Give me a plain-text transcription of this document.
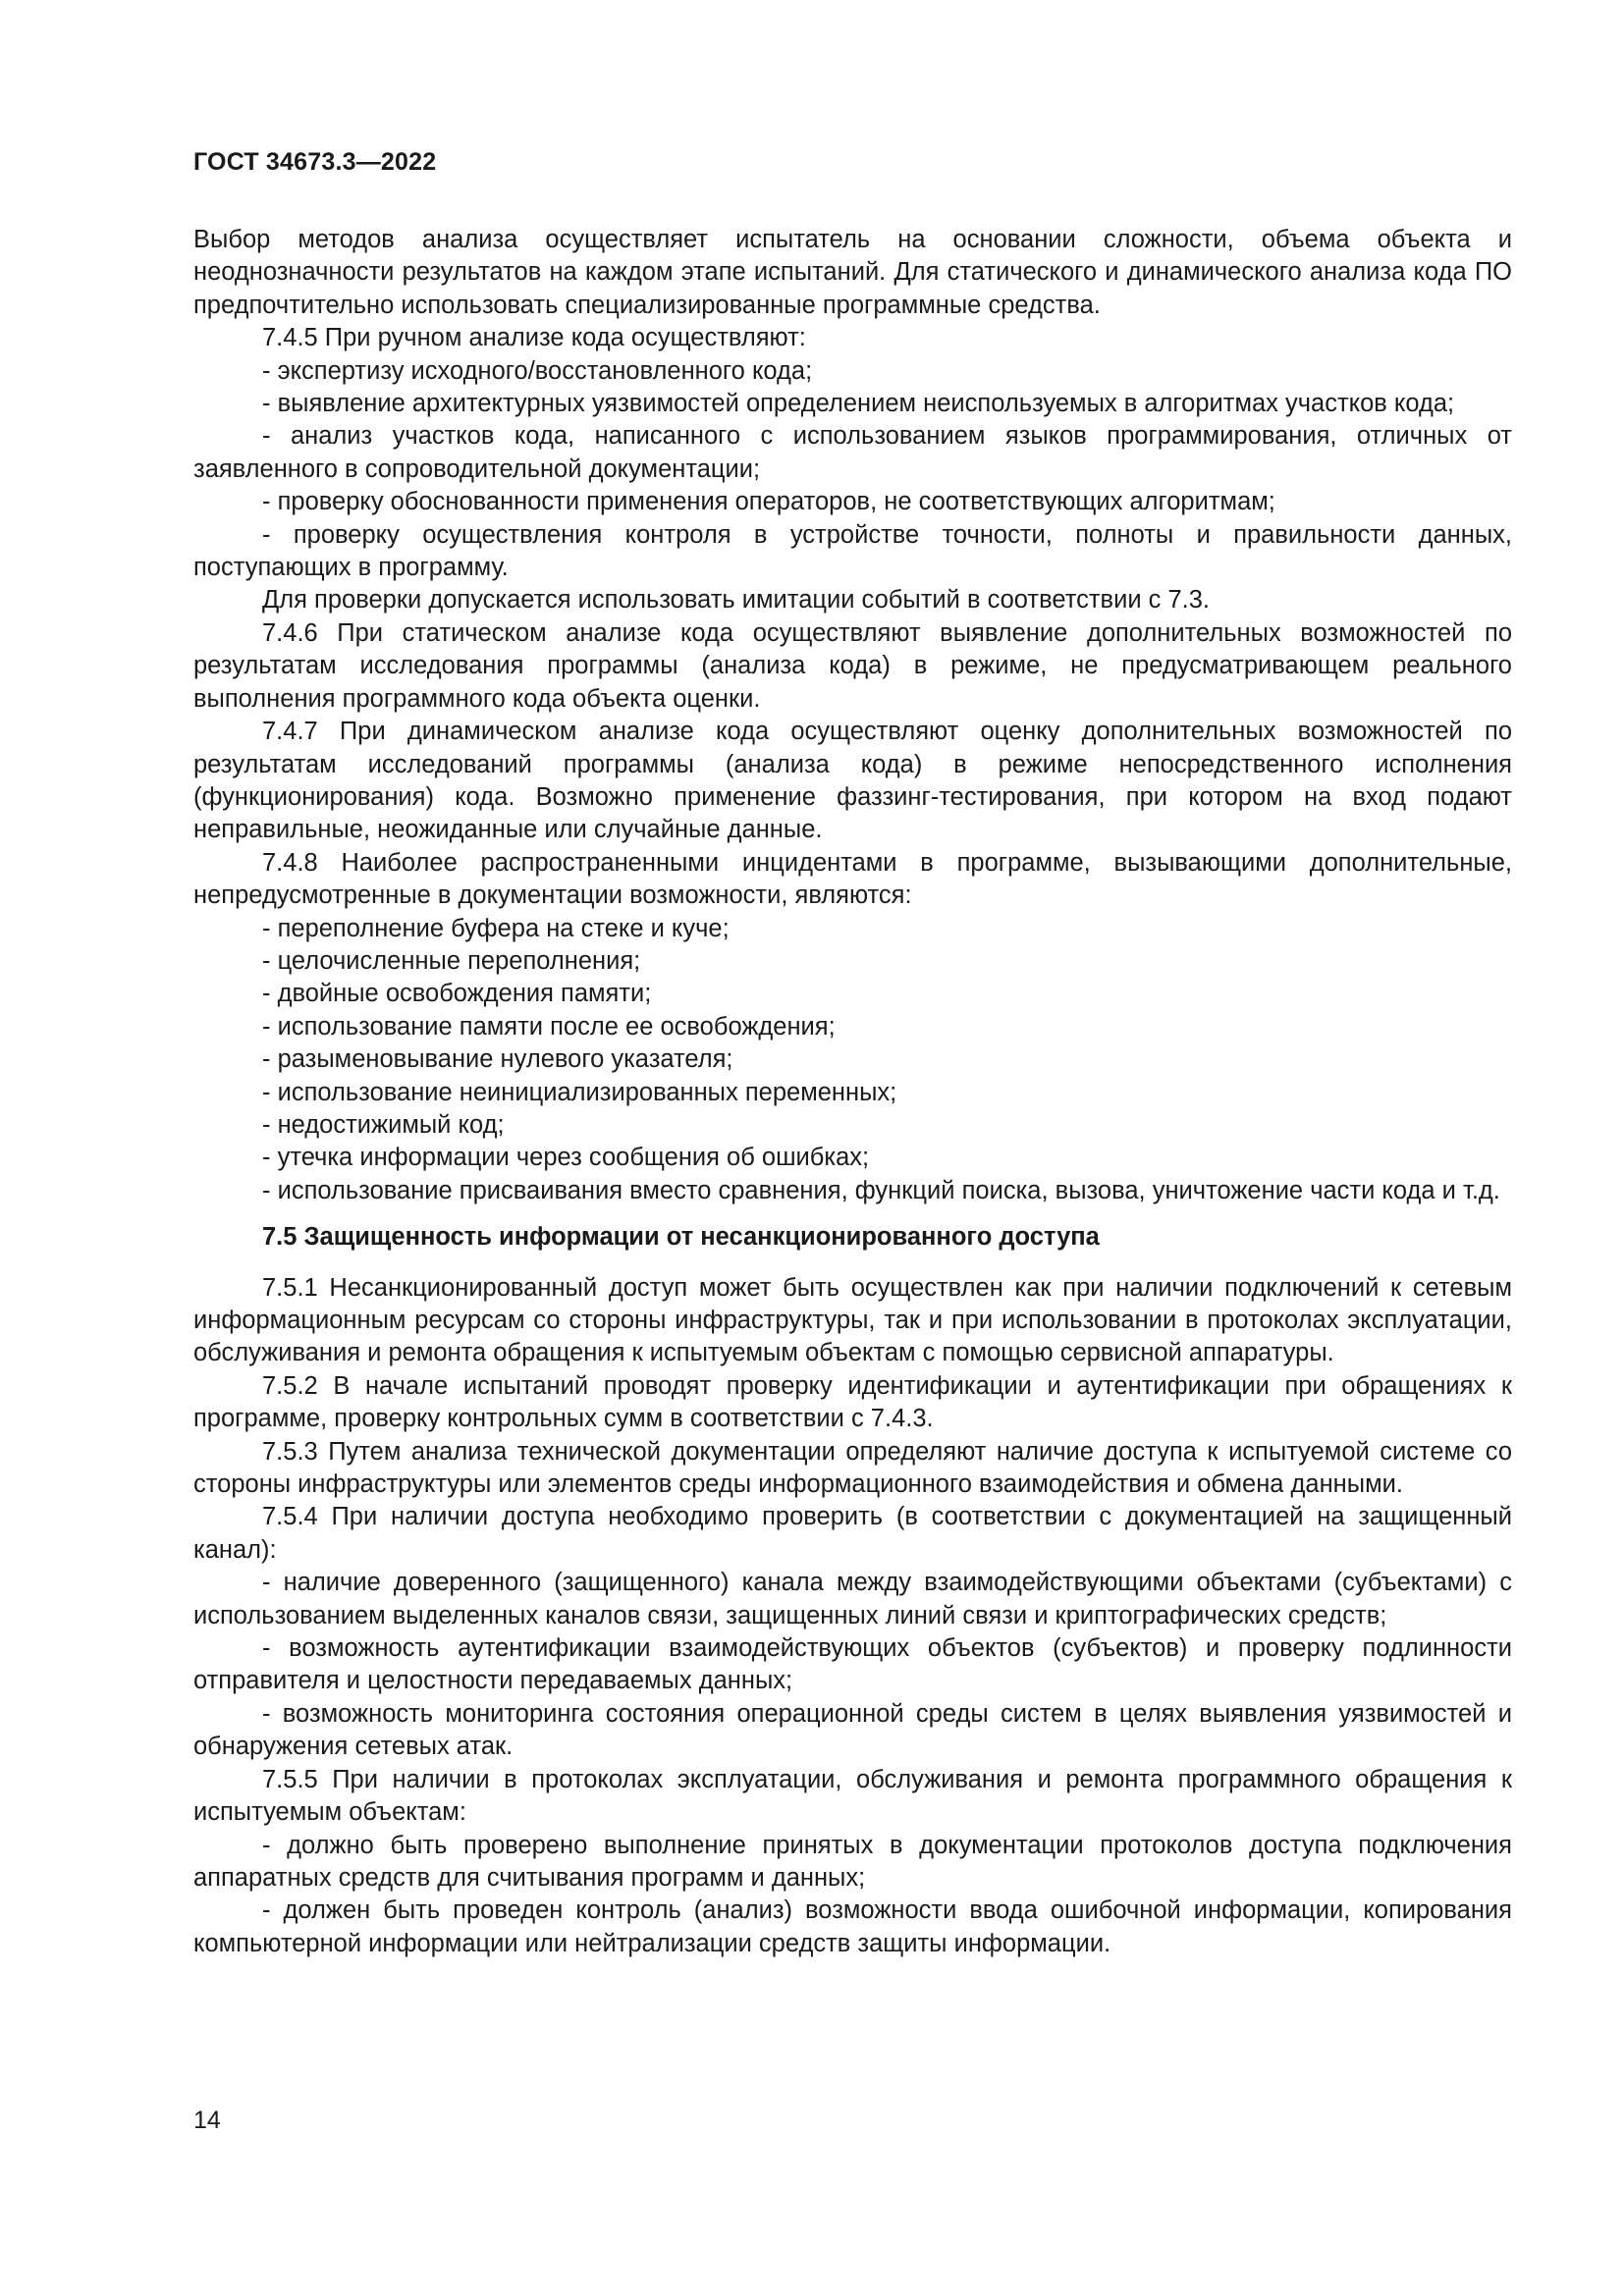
ГОСТ 34673.3—2022

Выбор методов анализа осуществляет испытатель на основании сложности, объема объекта и неоднозначности результатов на каждом этапе испытаний. Для статического и динамического анализа кода ПО предпочтительно использовать специализированные программные средства.

7.4.5 При ручном анализе кода осуществляют:

- экспертизу исходного/восстановленного кода;

- выявление архитектурных уязвимостей определением неиспользуемых в алгоритмах участков кода;

- анализ участков кода, написанного с использованием языков программирования, отличных от заявленного в сопроводительной документации;

- проверку обоснованности применения операторов, не соответствующих алгоритмам;

- проверку осуществления контроля в устройстве точности, полноты и правильности данных, поступающих в программу.

Для проверки допускается использовать имитации событий в соответствии с 7.3.

7.4.6 При статическом анализе кода осуществляют выявление дополнительных возможностей по результатам исследования программы (анализа кода) в режиме, не предусматривающем реального выполнения программного кода объекта оценки.

7.4.7 При динамическом анализе кода осуществляют оценку дополнительных возможностей по результатам исследований программы (анализа кода) в режиме непосредственного исполнения (функционирования) кода. Возможно применение фаззинг-тестирования, при котором на вход подают неправильные, неожиданные или случайные данные.

7.4.8 Наиболее распространенными инцидентами в программе, вызывающими дополнительные, непредусмотренные в документации возможности, являются:

- переполнение буфера на стеке и куче;

- целочисленные переполнения;

- двойные освобождения памяти;

- использование памяти после ее освобождения;

- разыменовывание нулевого указателя;

- использование неинициализированных переменных;

- недостижимый код;

- утечка информации через сообщения об ошибках;

- использование присваивания вместо сравнения, функций поиска, вызова, уничтожение части кода и т.д.

7.5 Защищенность информации от несанкционированного доступа

7.5.1 Несанкционированный доступ может быть осуществлен как при наличии подключений к сетевым информационным ресурсам со стороны инфраструктуры, так и при использовании в протоколах эксплуатации, обслуживания и ремонта обращения к испытуемым объектам с помощью сервисной аппаратуры.

7.5.2 В начале испытаний проводят проверку идентификации и аутентификации при обращениях к программе, проверку контрольных сумм в соответствии с 7.4.3.

7.5.3 Путем анализа технической документации определяют наличие доступа к испытуемой системе со стороны инфраструктуры или элементов среды информационного взаимодействия и обмена данными.

7.5.4 При наличии доступа необходимо проверить (в соответствии с документацией на защищенный канал):

- наличие доверенного (защищенного) канала между взаимодействующими объектами (субъектами) с использованием выделенных каналов связи, защищенных линий связи и криптографических средств;

- возможность аутентификации взаимодействующих объектов (субъектов) и проверку подлинности отправителя и целостности передаваемых данных;

- возможность мониторинга состояния операционной среды систем в целях выявления уязвимостей и обнаружения сетевых атак.

7.5.5 При наличии в протоколах эксплуатации, обслуживания и ремонта программного обращения к испытуемым объектам:

- должно быть проверено выполнение принятых в документации протоколов доступа подключения аппаратных средств для считывания программ и данных;

- должен быть проведен контроль (анализ) возможности ввода ошибочной информации, копирования компьютерной информации или нейтрализации средств защиты информации.

14
